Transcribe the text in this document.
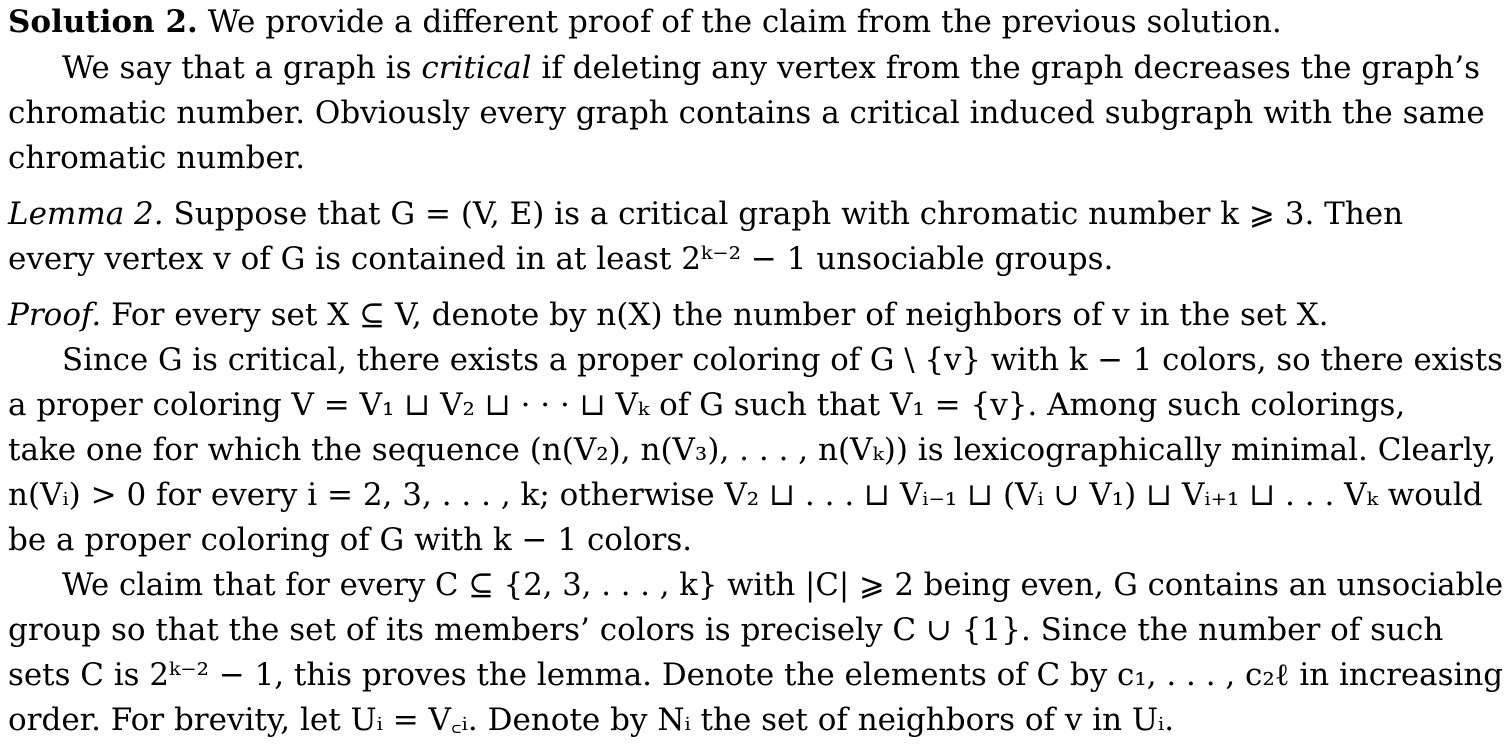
Solution 2. We provide a different proof of the claim from the previous solution.
We say that a graph is critical if deleting any vertex from the graph decreases the graph’s
chromatic number. Obviously every graph contains a critical induced subgraph with the same
chromatic number.
Lemma 2. Suppose that G = (V, E) is a critical graph with chromatic number k ⩾ 3. Then
every vertex v of G is contained in at least 2ᵏ⁻² − 1 unsociable groups.
Proof. For every set X ⊆ V, denote by n(X) the number of neighbors of v in the set X.
Since G is critical, there exists a proper coloring of G \ {v} with k − 1 colors, so there exists
a proper coloring V = V₁ ⊔ V₂ ⊔ · · · ⊔ Vₖ of G such that V₁ = {v}. Among such colorings,
take one for which the sequence (n(V₂), n(V₃), . . . , n(Vₖ)) is lexicographically minimal. Clearly,
n(Vᵢ) > 0 for every i = 2, 3, . . . , k; otherwise V₂ ⊔ . . . ⊔ Vᵢ₋₁ ⊔ (Vᵢ ∪ V₁) ⊔ Vᵢ₊₁ ⊔ . . . Vₖ would
be a proper coloring of G with k − 1 colors.
We claim that for every C ⊆ {2, 3, . . . , k} with |C| ⩾ 2 being even, G contains an unsociable
group so that the set of its members’ colors is precisely C ∪ {1}. Since the number of such
sets C is 2ᵏ⁻² − 1, this proves the lemma. Denote the elements of C by c₁, . . . , c₂ℓ in increasing
order. For brevity, let Uᵢ = V꜀ᵢ. Denote by Nᵢ the set of neighbors of v in Uᵢ.
